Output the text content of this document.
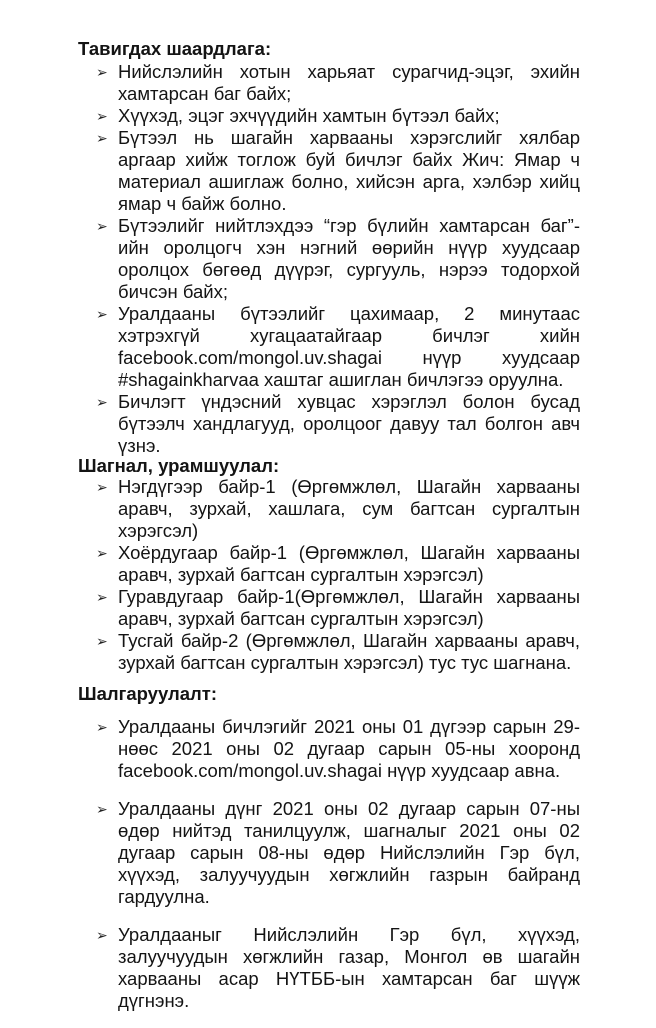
Тавигдах шаардлага:
➢ Нийслэлийн хотын харьяат сурагчид-эцэг, эхийн хамтарсан баг байх;
➢ Хүүхэд, эцэг эхчүүдийн хамтын бүтээл байх;
➢ Бүтээл нь шагайн харвааны хэрэгслийг хялбар аргаар хийж тоглож буй бичлэг байх Жич: Ямар ч материал ашиглаж болно, хийсэн арга, хэлбэр хийц ямар ч байж болно.
➢ Бүтээлийг нийтлэхдээ “гэр бүлийн хамтарсан баг”-ийн оролцогч хэн нэгний өөрийн нүүр хуудсаар оролцох бөгөөд дүүрэг, сургууль, нэрээ тодорхой бичсэн байх;
➢ Уралдааны бүтээлийг цахимаар, 2 минутаас хэтрэхгүй хугацаатайгаар бичлэг хийн facebook.com/mongol.uv.shagai нүүр хуудсаар #shagainkharvaa хаштаг ашиглан бичлэгээ оруулна.
➢ Бичлэгт үндэсний хувцас хэрэглэл болон бусад бүтээлч хандлагууд, оролцоог давуу тал болгон авч үзнэ.
Шагнал, урамшуулал:
➢ Нэгдүгээр байр-1 (Өргөмжлөл, Шагайн харвааны аравч, зурхай, хашлага, сум багтсан сургалтын хэрэгсэл)
➢ Хоёрдугаар байр-1 (Өргөмжлөл, Шагайн харвааны аравч, зурхай багтсан сургалтын хэрэгсэл)
➢ Гуравдугаар байр-1(Өргөмжлөл, Шагайн харвааны аравч, зурхай багтсан сургалтын хэрэгсэл)
➢ Тусгай байр-2 (Өргөмжлөл, Шагайн харвааны аравч, зурхай багтсан сургалтын хэрэгсэл) тус тус шагнана.
Шалгаруулалт:
➢ Уралдааны бичлэгийг 2021 оны 01 дүгээр сарын 29-нөөс 2021 оны 02 дугаар сарын 05-ны хооронд facebook.com/mongol.uv.shagai нүүр хуудсаар авна.
➢ Уралдааны дүнг 2021 оны 02 дугаар сарын 07-ны өдөр нийтэд танилцуулж, шагналыг 2021 оны 02 дугаар сарын 08-ны өдөр Нийслэлийн Гэр бүл, хүүхэд, залуучуудын хөгжлийн газрын байранд гардуулна.
➢ Уралдааныг Нийслэлийн Гэр бүл, хүүхэд, залуучуудын хөгжлийн газар, Монгол өв шагайн харвааны асар НҮТББ-ын хамтарсан баг шүүж дүгнэнэ.
